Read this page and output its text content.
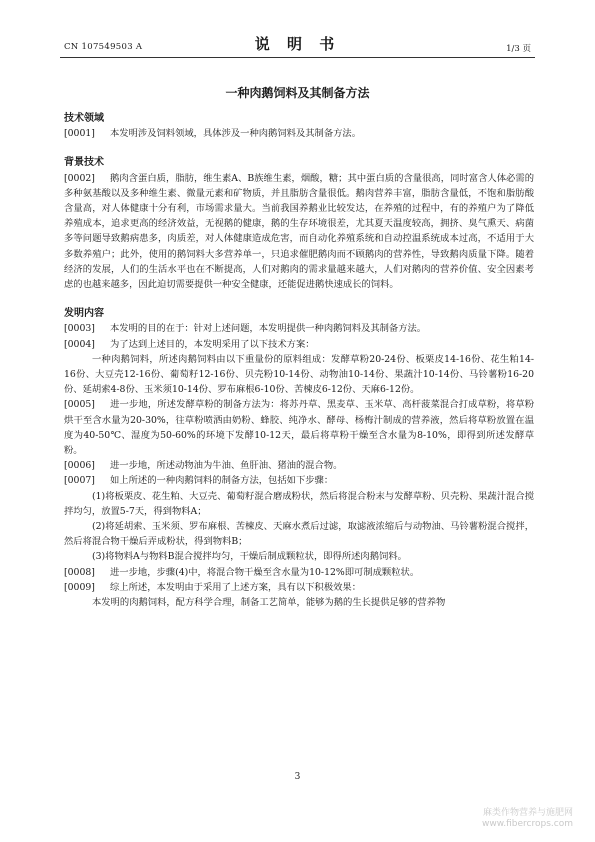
CN 107549503 A	说 明 书	1/3 页
一种肉鹅饲料及其制备方法

技术领域

[0001] 本发明涉及饲料领域，具体涉及一种肉鹅饲料及其制备方法。

背景技术

[0002] 鹅肉含蛋白质，脂肪，维生素A、B族维生素，烟酸，糖；其中蛋白质的含量很高，同时富含人体必需的多种氨基酸以及多种维生素、微量元素和矿物质，并且脂肪含量很低。鹅肉营养丰富，脂肪含量低，不饱和脂肪酸含量高，对人体健康十分有利，市场需求量大。当前我国养鹅业比较发达，在养殖的过程中，有的养殖户为了降低养殖成本，追求更高的经济效益，无视鹅的健康，鹅的生存环境很差，尤其夏天温度较高，拥挤、臭气熏天、病菌多等问题导致鹅病患多，肉质差，对人体健康造成危害，而自动化养殖系统和自动控温系统成本过高，不适用于大多数养殖户；此外，使用的鹅饲料大多营养单一，只追求催肥鹅肉而不顾鹅肉的营养性，导致鹅肉质量下降。随着经济的发展，人们的生活水平也在不断提高，人们对鹅肉的需求量越来越大，人们对鹅肉的营养价值、安全因素考虑的也越来越多，因此迫切需要提供一种安全健康，还能促进鹅快速成长的饲料。

发明内容

[0003] 本发明的目的在于：针对上述问题，本发明提供一种肉鹅饲料及其制备方法。

[0004] 为了达到上述目的，本发明采用了以下技术方案：

一种肉鹅饲料，所述肉鹅饲料由以下重量份的原料组成：发酵草粉20-24份、板栗皮14-16份、花生粕14-16份、大豆壳12-16份、葡萄籽12-16份、贝壳粉10-14份、动物油10-14份、果蔬汁10-14份、马铃薯粉16-20份、延胡索4-8份、玉米须10-14份、罗布麻根6-10份、苦楝皮6-12份、天麻6-12份。

[0005] 进一步地，所述发酵草粉的制备方法为：将苏丹草、黑麦草、玉米草、高杆菠菜混合打成草粉，将草粉烘干至含水量为20-30%，往草粉喷洒由奶粉、蜂胶、纯净水、酵母、杨梅汁制成的营养液，然后将草粉放置在温度为40-50℃、湿度为50-60%的环境下发酵10-12天，最后将草粉干燥至含水量为8-10%，即得到所述发酵草粉。

[0006] 进一步地，所述动物油为牛油、鱼肝油、猪油的混合物。

[0007] 如上所述的一种肉鹅饲料的制备方法，包括如下步骤：

(1)将板栗皮、花生粕、大豆壳、葡萄籽混合磨成粉状，然后将混合粉末与发酵草粉、贝壳粉、果蔬汁混合搅拌均匀，放置5-7天，得到物料A；

(2)将延胡索、玉米须、罗布麻根、苦楝皮、天麻水煮后过滤，取滤液浓缩后与动物油、马铃薯粉混合搅拌，然后将混合物干燥后弄成粉状，得到物料B；

(3)将物料A与物料B混合搅拌均匀，干燥后制成颗粒状，即得所述肉鹅饲料。

[0008] 进一步地，步骤(4)中，将混合物干燥至含水量为10-12%即可制成颗粒状。

[0009] 综上所述，本发明由于采用了上述方案，具有以下积极效果：

本发明的肉鹅饲料，配方科学合理，制备工艺简单，能够为鹅的生长提供足够的营养物

3
麻类作物营养与施肥网
www.fibercrops.com
